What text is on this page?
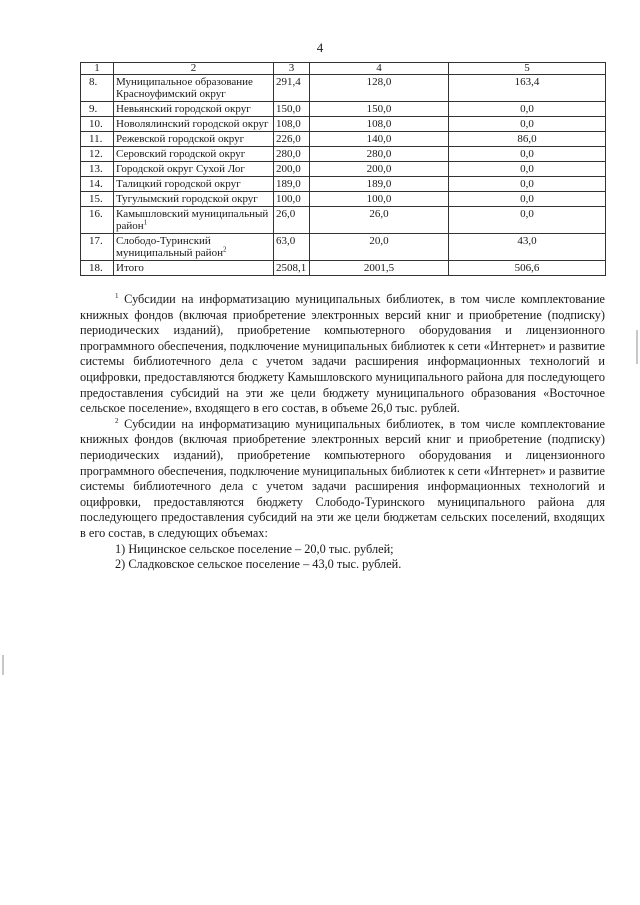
4
1	2	3	4	5
8.	Муниципальное образование Красноуфимский округ	291,4	128,0	163,4
9.	Невьянский городской округ	150,0	150,0	0,0
10.	Новолялинский городской округ	108,0	108,0	0,0
11.	Режевской городской округ	226,0	140,0	86,0
12.	Серовский городской округ	280,0	280,0	0,0
13.	Городской округ Сухой Лог	200,0	200,0	0,0
14.	Талицкий городской округ	189,0	189,0	0,0
15.	Тугулымский городской округ	100,0	100,0	0,0
16.	Камышловский муниципальный район$^1$	26,0	26,0	0,0
17.	Слободо-Туринский муниципальный район$^2$	63,0	20,0	43,0
18.	Итого	2508,1	2001,5	506,6

$^1$ Субсидии на информатизацию муниципальных библиотек, в том числе комплектование книжных фондов (включая приобретение электронных версий книг и приобретение (подписку) периодических изданий), приобретение компьютерного оборудования и лицензионного программного обеспечения, подключение муниципальных библиотек к сети «Интернет» и развитие системы библиотечного дела с учетом задачи расширения информационных технологий и оцифровки, предоставляются бюджету Камышловского муниципального района для последующего предоставления субсидий на эти же цели бюджету муниципального образования «Восточное сельское поселение», входящего в его состав, в объеме 26,0 тыс. рублей.

$^2$ Субсидии на информатизацию муниципальных библиотек, в том числе комплектование книжных фондов (включая приобретение электронных версий книг и приобретение (подписку) периодических изданий), приобретение компьютерного оборудования и лицензионного программного обеспечения, подключение муниципальных библиотек к сети «Интернет» и развитие системы библиотечного дела с учетом задачи расширения информационных технологий и оцифровки, предоставляются бюджету Слободо-Туринского муниципального района для последующего предоставления субсидий на эти же цели бюджетам сельских поселений, входящих в его состав, в следующих объемах:

1) Ницинское сельское поселение – 20,0 тыс. рублей;

2) Сладковское сельское поселение – 43,0 тыс. рублей.
